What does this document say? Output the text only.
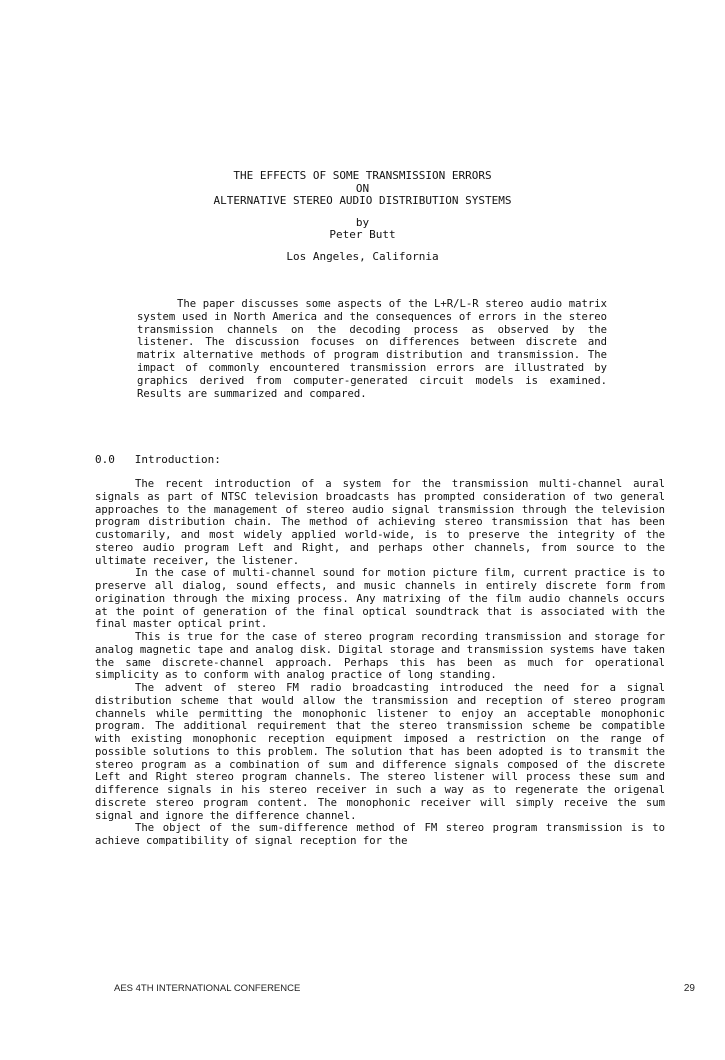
THE EFFECTS OF SOME TRANSMISSION ERRORS
ON
ALTERNATIVE STEREO AUDIO DISTRIBUTION SYSTEMS
by
Peter Butt
Los Angeles, California

The paper discusses some aspects of the L+R/L-R stereo audio matrix system used in North America and the consequences of errors in the stereo transmission channels on the decoding process as observed by the listener. The discussion focuses on differences between discrete and matrix alternative methods of program distribution and transmission. The impact of commonly encountered transmission errors are illustrated by graphics derived from computer-generated circuit models is examined. Results are summarized and compared.

0.0 Introduction:

The recent introduction of a system for the transmission multi-channel aural signals as part of NTSC television broadcasts has prompted consideration of two general approaches to the management of stereo audio signal transmission through the television program distribution chain. The method of achieving stereo transmission that has been customarily, and most widely applied world-wide, is to preserve the integrity of the stereo audio program Left and Right, and perhaps other channels, from source to the ultimate receiver, the listener.

In the case of multi-channel sound for motion picture film, current practice is to preserve all dialog, sound effects, and music channels in entirely discrete form from origination through the mixing process. Any matrixing of the film audio channels occurs at the point of generation of the final optical soundtrack that is associated with the final master optical print.

This is true for the case of stereo program recording transmission and storage for analog magnetic tape and analog disk. Digital storage and transmission systems have taken the same discrete-channel approach. Perhaps this has been as much for operational simplicity as to conform with analog practice of long standing.

The advent of stereo FM radio broadcasting introduced the need for a signal distribution scheme that would allow the transmission and reception of stereo program channels while permitting the monophonic listener to enjoy an acceptable monophonic program. The additional requirement that the stereo transmission scheme be compatible with existing monophonic reception equipment imposed a restriction on the range of possible solutions to this problem. The solution that has been adopted is to transmit the stereo program as a combination of sum and difference signals composed of the discrete Left and Right stereo program channels. The stereo listener will process these sum and difference signals in his stereo receiver in such a way as to regenerate the origenal discrete stereo program content. The monophonic receiver will simply receive the sum signal and ignore the difference channel.

The object of the sum-difference method of FM stereo program transmission is to achieve compatibility of signal reception for the

AES 4TH INTERNATIONAL CONFERENCE	29
